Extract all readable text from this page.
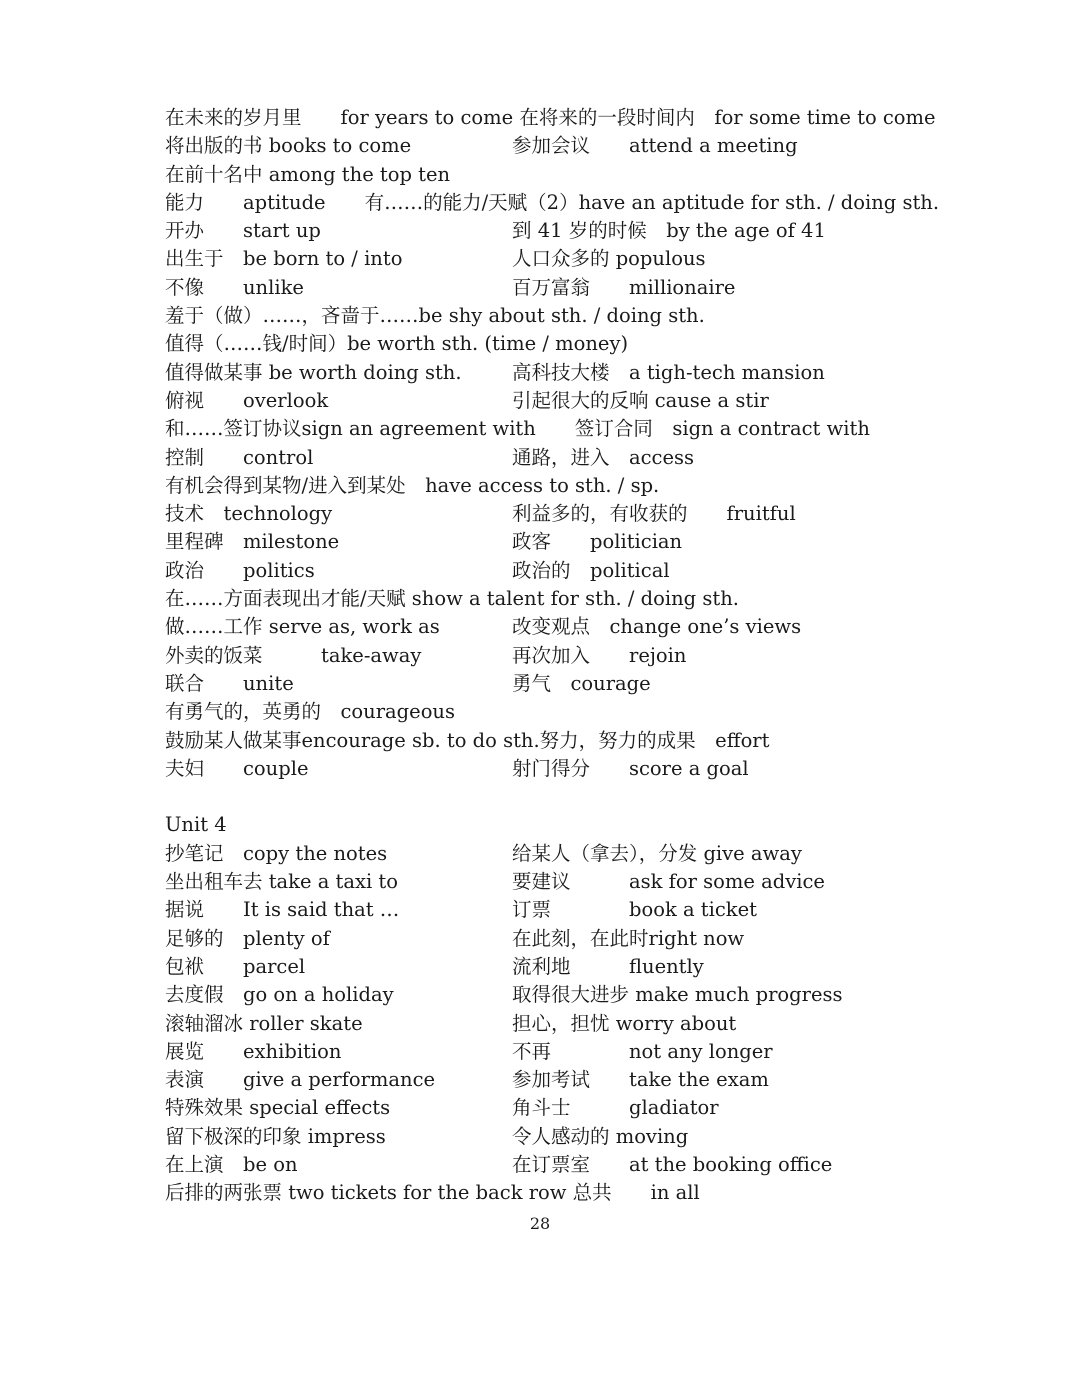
在未来的岁月里　　for years to come 在将来的一段时间内　for some time to come
将出版的书 books to come	参加会议　　attend a meeting
在前十名中 among the top ten
能力　　aptitude　　有……的能力/天赋（2）have an aptitude for sth. / doing sth.
开办　　start up	到 41 岁的时候　by the age of 41
出生于　be born to / into	人口众多的 populous
不像　　unlike	百万富翁　　millionaire
羞于（做）……，吝啬于……be shy about sth. / doing sth.
值得（……钱/时间）be worth sth. (time / money)
值得做某事 be worth doing sth.	高科技大楼　a tigh-tech mansion
俯视　　overlook	引起很大的反响 cause a stir
和……签订协议sign an agreement with　　签订合同　sign a contract with
控制　　control	通路，进入　access
有机会得到某物/进入到某处　have access to sth. / sp.
技术　technology	利益多的，有收获的　　fruitful
里程碑　milestone	政客　　politician
政治　　politics	政治的　political
在……方面表现出才能/天赋 show a talent for sth. / doing sth.
做……工作 serve as, work as	改变观点　change one’s views
外卖的饭菜　　　take-away	再次加入　　rejoin
联合　　unite	勇气　courage
有勇气的，英勇的　courageous
鼓励某人做某事encourage sb. to do sth.努力，努力的成果　effort
夫妇　　couple	射门得分　　score a goal
Unit 4
抄笔记　copy the notes	给某人（拿去），分发 give away
坐出租车去 take a taxi to	要建议　　　ask for some advice
据说　　It is said that …	订票　　　　book a ticket
足够的　plenty of	在此刻，在此时right now
包袱　　parcel	流利地　　　fluently
去度假　go on a holiday	取得很大进步 make much progress
滚轴溜冰 roller skate	担心，担忧 worry about
展览　　exhibition	不再　　　　not any longer
表演　　give a performance	参加考试　　take the exam
特殊效果 special effects	角斗士　　　gladiator
留下极深的印象 impress	令人感动的 moving
在上演　be on	在订票室　　at the booking office
后排的两张票 two tickets for the back row 总共　　in all
28
